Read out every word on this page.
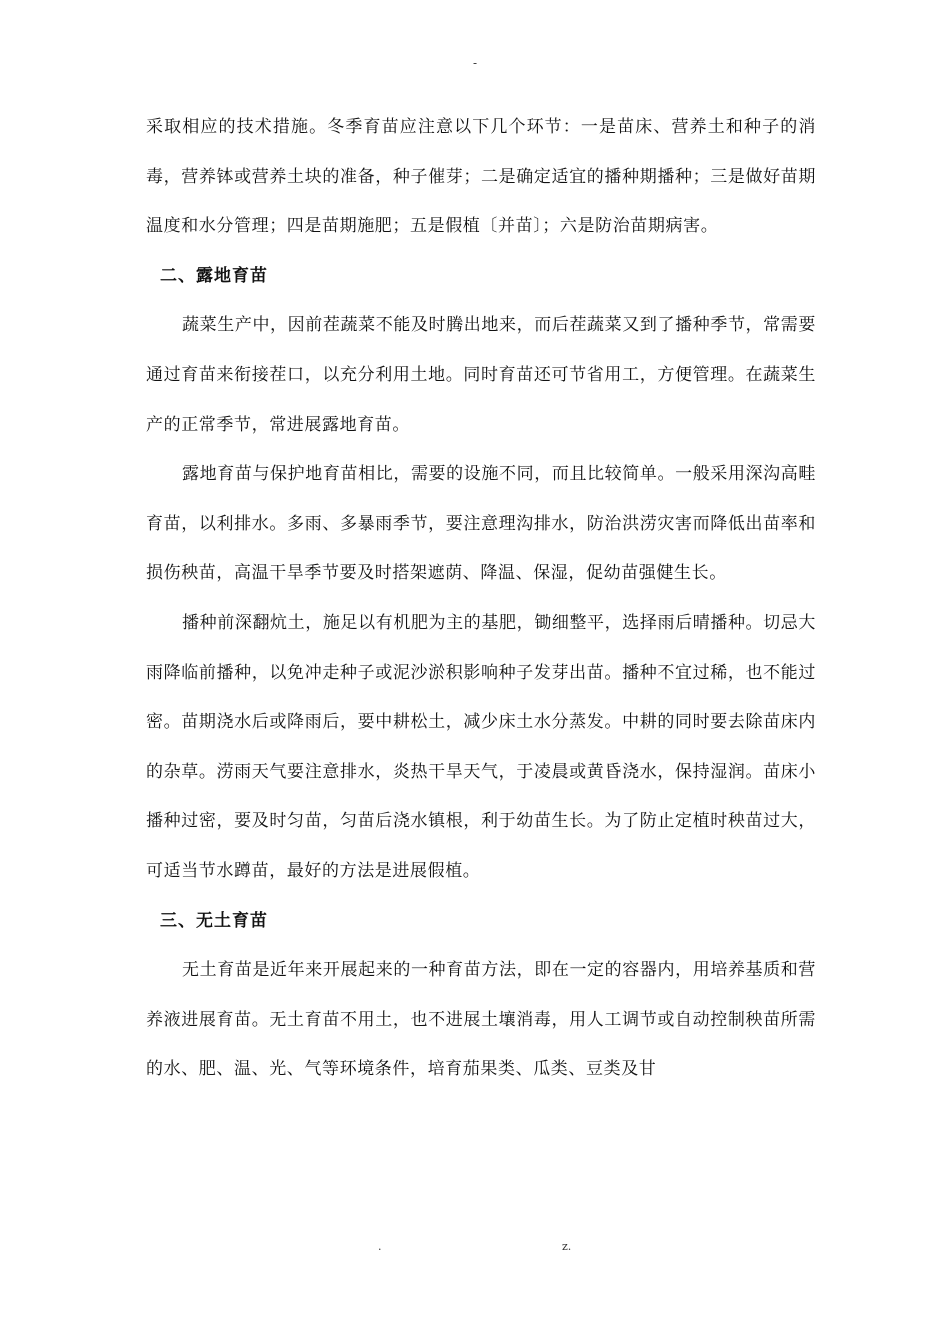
-

采取相应的技术措施。冬季育苗应注意以下几个环节：一是苗床、营养土和种子的消毒，营养钵或营养土块的准备，种子催芽；二是确定适宜的播种期播种；三是做好苗期温度和水分管理；四是苗期施肥；五是假植〔并苗〕；六是防治苗期病害。

二、露地育苗

蔬菜生产中，因前茬蔬菜不能及时腾出地来，而后茬蔬菜又到了播种季节，常需要通过育苗来衔接茬口，以充分利用土地。同时育苗还可节省用工，方便管理。在蔬菜生产的正常季节，常进展露地育苗。

露地育苗与保护地育苗相比，需要的设施不同，而且比较简单。一般采用深沟高畦育苗，以利排水。多雨、多暴雨季节，要注意理沟排水，防治洪涝灾害而降低出苗率和损伤秧苗，高温干旱季节要及时搭架遮荫、降温、保湿，促幼苗强健生长。

播种前深翻炕土，施足以有机肥为主的基肥，锄细整平，选择雨后晴播种。切忌大雨降临前播种，以免冲走种子或泥沙淤积影响种子发芽出苗。播种不宜过稀，也不能过密。苗期浇水后或降雨后，要中耕松土，减少床土水分蒸发。中耕的同时要去除苗床内的杂草。涝雨天气要注意排水，炎热干旱天气，于凌晨或黄昏浇水，保持湿润。苗床小播种过密，要及时匀苗，匀苗后浇水镇根，利于幼苗生长。为了防止定植时秧苗过大，可适当节水蹲苗，最好的方法是进展假植。

三、无土育苗

无土育苗是近年来开展起来的一种育苗方法，即在一定的容器内，用培养基质和营养液进展育苗。无土育苗不用土，也不进展土壤消毒，用人工调节或自动控制秧苗所需的水、肥、温、光、气等环境条件，培育茄果类、瓜类、豆类及甘

.	z.
